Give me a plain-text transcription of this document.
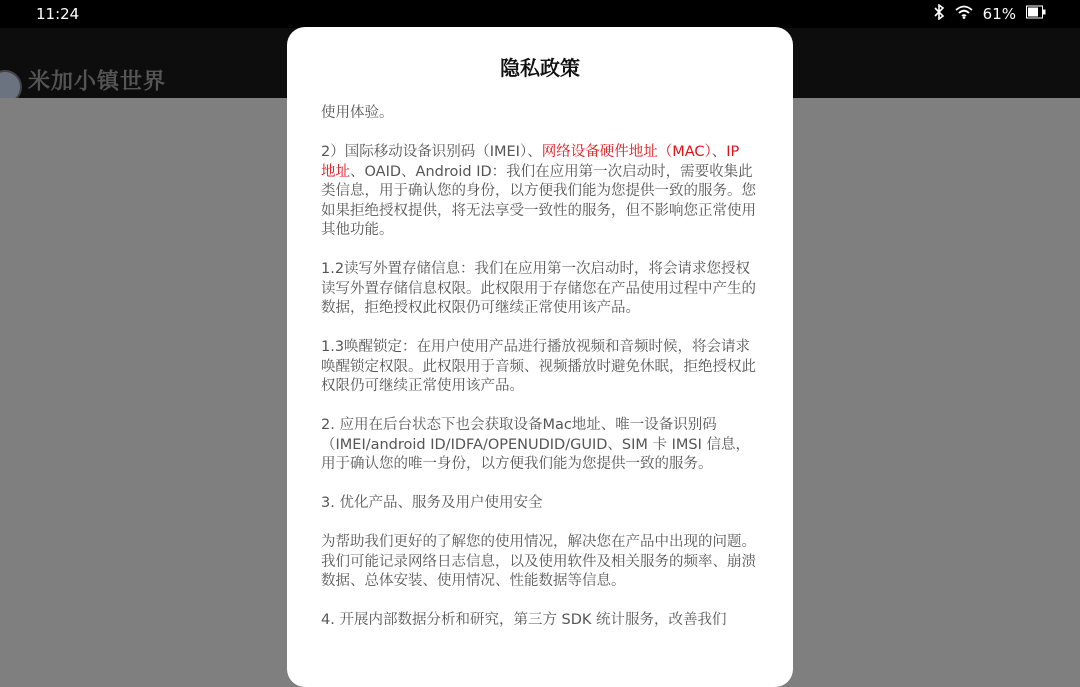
11:24	61%
米加小镇世界
隐私政策

使用体验。

2）国际移动设备识别码（IMEI）、网络设备硬件地址（MAC）、IP 地址、OAID、Android ID：我们在应用第一次启动时，需要收集此类信息，用于确认您的身份，以方便我们能为您提供一致的服务。您如果拒绝授权提供，将无法享受一致性的服务，但不影响您正常使用其他功能。

1.2读写外置存储信息：我们在应用第一次启动时，将会请求您授权读写外置存储信息权限。此权限用于存储您在产品使用过程中产生的数据，拒绝授权此权限仍可继续正常使用该产品。

1.3唤醒锁定：在用户使用产品进行播放视频和音频时候，将会请求唤醒锁定权限。此权限用于音频、视频播放时避免休眠，拒绝授权此权限仍可继续正常使用该产品。

2. 应用在后台状态下也会获取设备Mac地址、唯一设备识别码（IMEI/android ID/IDFA/OPENUDID/GUID、SIM 卡 IMSI 信息，用于确认您的唯一身份，以方便我们能为您提供一致的服务。

3. 优化产品、服务及用户使用安全

为帮助我们更好的了解您的使用情况，解决您在产品中出现的问题。我们可能记录网络日志信息，以及使用软件及相关服务的频率、崩溃数据、总体安装、使用情况、性能数据等信息。

4. 开展内部数据分析和研究，第三方 SDK 统计服务，改善我们
